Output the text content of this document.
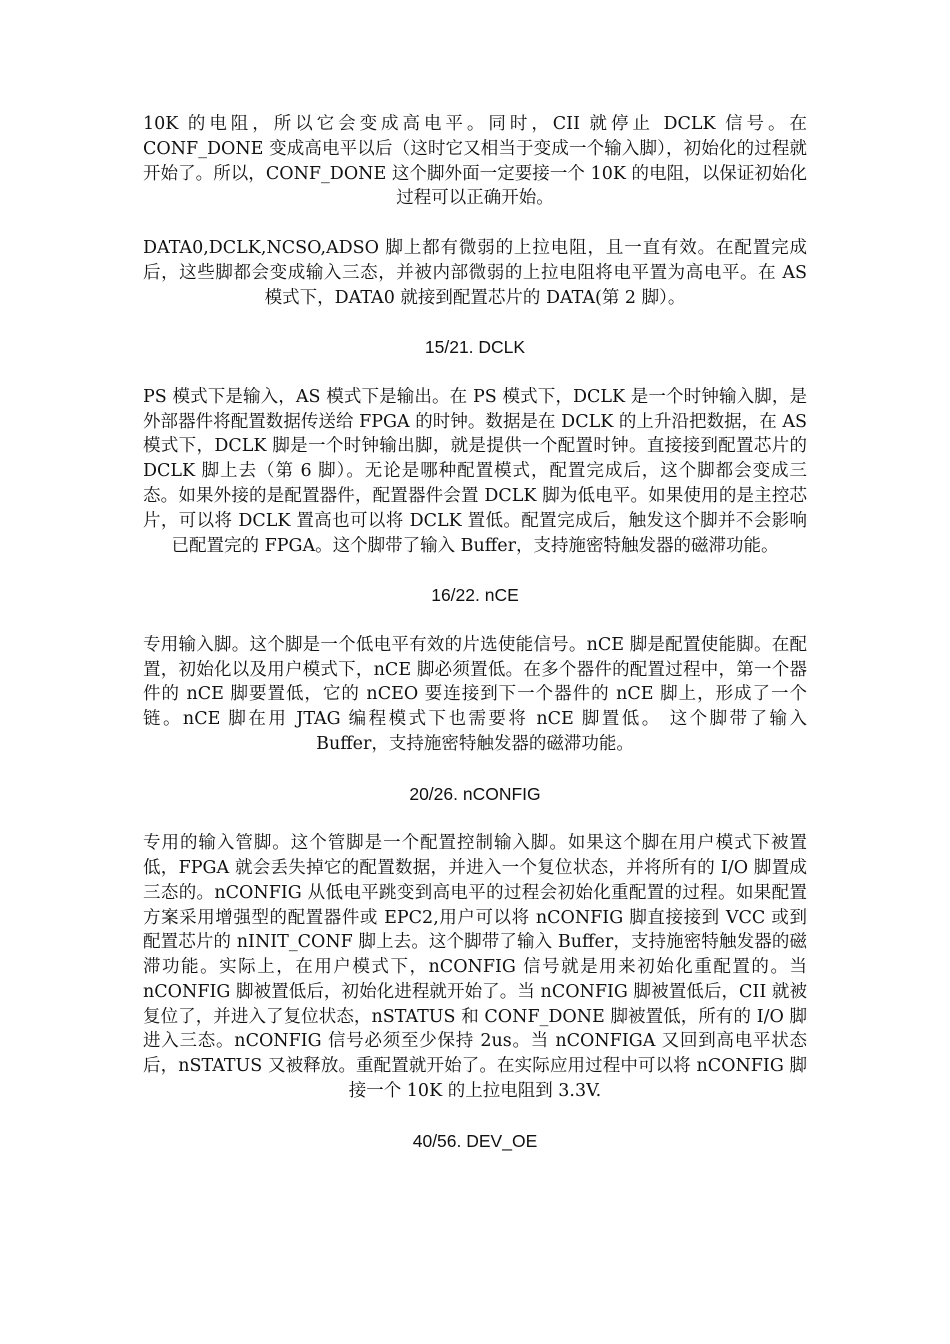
10K 的电阻，所以它会变成高电平。同时，CII 就停止 DCLK 信号。在 CONF_DONE 变成高电平以后（这时它又相当于变成一个输入脚），初始化的过程就开始了。所以，CONF_DONE 这个脚外面一定要接一个 10K 的电阻，以保证初始化过程可以正确开始。

DATA0,DCLK,NCSO,ADSO 脚上都有微弱的上拉电阻，且一直有效。在配置完成后，这些脚都会变成输入三态，并被内部微弱的上拉电阻将电平置为高电平。在 AS 模式下，DATA0 就接到配置芯片的 DATA(第 2 脚）。

15/21. DCLK

PS 模式下是输入，AS 模式下是输出。在 PS 模式下，DCLK 是一个时钟输入脚，是外部器件将配置数据传送给 FPGA 的时钟。数据是在 DCLK 的上升沿把数据，在 AS 模式下，DCLK 脚是一个时钟输出脚，就是提供一个配置时钟。直接接到配置芯片的 DCLK 脚上去（第 6 脚）。无论是哪种配置模式，配置完成后，这个脚都会变成三态。如果外接的是配置器件，配置器件会置 DCLK 脚为低电平。如果使用的是主控芯片，可以将 DCLK 置高也可以将 DCLK 置低。配置完成后，触发这个脚并不会影响已配置完的 FPGA。这个脚带了输入 Buffer，支持施密特触发器的磁滞功能。

16/22. nCE

专用输入脚。这个脚是一个低电平有效的片选使能信号。nCE 脚是配置使能脚。在配置，初始化以及用户模式下，nCE 脚必须置低。在多个器件的配置过程中，第一个器件的 nCE 脚要置低，它的 nCEO 要连接到下一个器件的 nCE 脚上，形成了一个链。nCE 脚在用 JTAG 编程模式下也需要将 nCE 脚置低。 这个脚带了输入 Buffer，支持施密特触发器的磁滞功能。

20/26. nCONFIG

专用的输入管脚。这个管脚是一个配置控制输入脚。如果这个脚在用户模式下被置低，FPGA 就会丢失掉它的配置数据，并进入一个复位状态，并将所有的 I/O 脚置成三态的。nCONFIG 从低电平跳变到高电平的过程会初始化重配置的过程。如果配置方案采用增强型的配置器件或 EPC2,用户可以将 nCONFIG 脚直接接到 VCC 或到配置芯片的 nINIT_CONF 脚上去。这个脚带了输入 Buffer，支持施密特触发器的磁滞功能。实际上，在用户模式下，nCONFIG 信号就是用来初始化重配置的。当 nCONFIG 脚被置低后，初始化进程就开始了。当 nCONFIG 脚被置低后，CII 就被复位了，并进入了复位状态，nSTATUS 和 CONF_DONE 脚被置低，所有的 I/O 脚进入三态。nCONFIG 信号必须至少保持 2us。当 nCONFIGA 又回到高电平状态后，nSTATUS 又被释放。重配置就开始了。在实际应用过程中可以将 nCONFIG 脚接一个 10K 的上拉电阻到 3.3V.

40/56. DEV_OE
